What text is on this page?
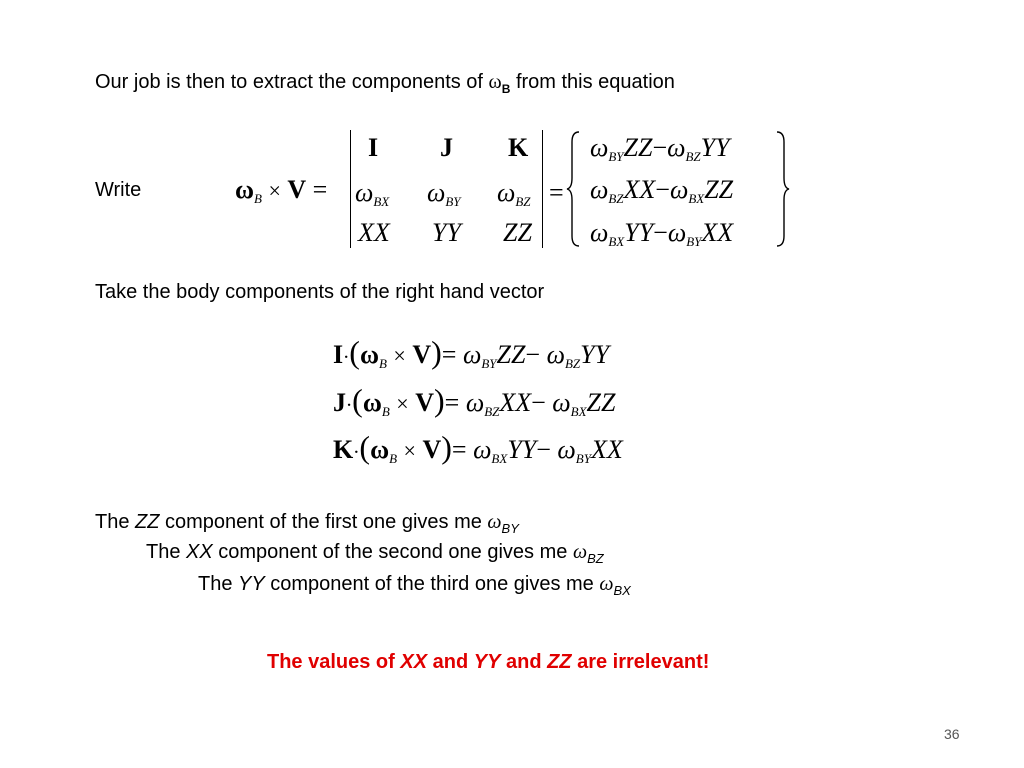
Our job is then to extract the components of $\omega_B$ from this equation
Write	$\omega_B \times V$ =
I J K
$\omega_{BX}$ $\omega_{BY}$ $\omega_{BZ}$
XX YY ZZ
=
$\omega_{BY}ZZ-\omega_{BZ}YY$
$\omega_{BZ}XX-\omega_{BX}ZZ$
$\omega_{BX}YY-\omega_{BY}XX$
Take the body components of the right hand vector
$I\cdot(\omega_B \times V)= \omega_{BY}ZZ- \omega_{BZ}YY$
$J\cdot(\omega_B \times V)= \omega_{BZ}XX- \omega_{BX}ZZ$
$K\cdot(\omega_B \times V)= \omega_{BX}YY- \omega_{BY}XX$
The ZZ component of the first one gives me $\omega_{BY}$
The XX component of the second one gives me $\omega_{BZ}$
The YY component of the third one gives me $\omega_{BX}$
The values of XX and YY and ZZ are irrelevant!
36
